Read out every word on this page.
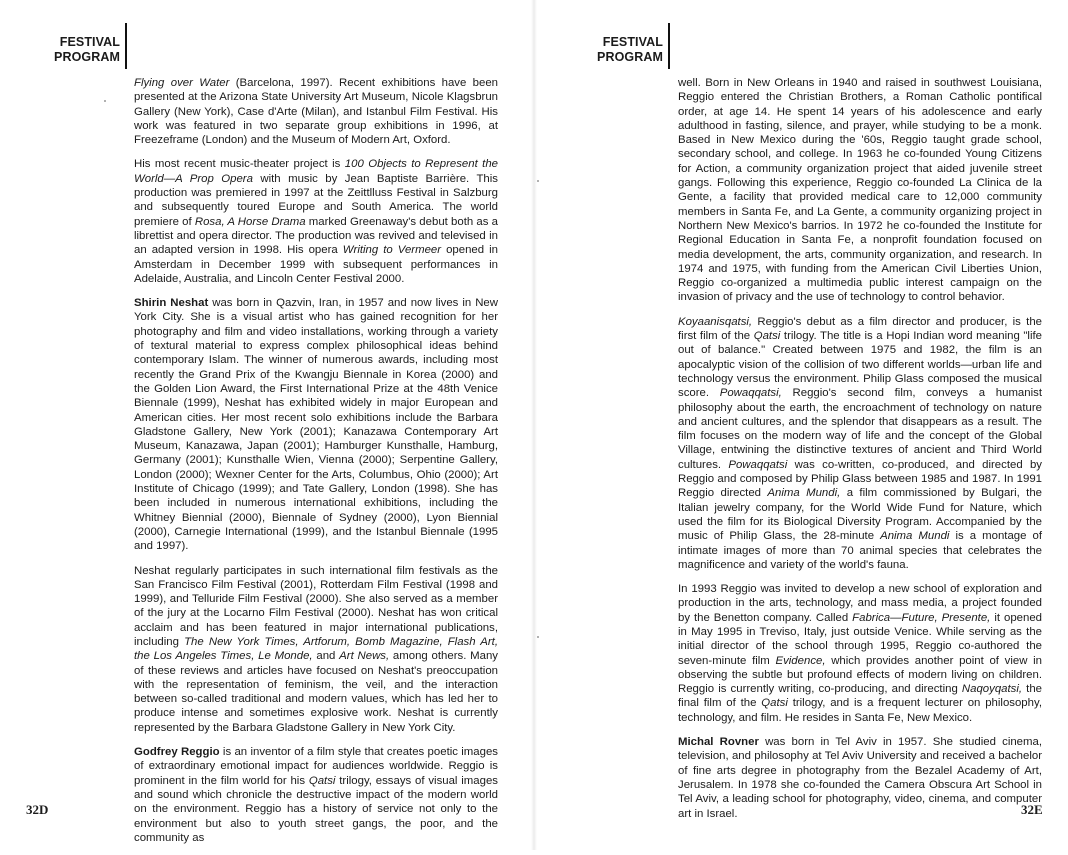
FESTIVAL
PROGRAM

Flying over Water (Barcelona, 1997). Recent exhibitions have been presented at the Arizona State University Art Museum, Nicole Klagsbrun Gallery (New York), Case d'Arte (Milan), and Istanbul Film Festival. His work was featured in two separate group exhibitions in 1996, at Freezeframe (London) and the Museum of Modern Art, Oxford.

His most recent music-theater project is 100 Objects to Represent the World—A Prop Opera with music by Jean Baptiste Barrière. This production was premiered in 1997 at the Zeittlluss Festival in Salzburg and subsequently toured Europe and South America. The world premiere of Rosa, A Horse Drama marked Greenaway's debut both as a librettist and opera director. The production was revived and televised in an adapted version in 1998. His opera Writing to Vermeer opened in Amsterdam in December 1999 with subsequent performances in Adelaide, Australia, and Lincoln Center Festival 2000.

Shirin Neshat was born in Qazvin, Iran, in 1957 and now lives in New York City. She is a visual artist who has gained recognition for her photography and film and video installations, working through a variety of textural material to express complex philosophical ideas behind contemporary Islam. The winner of numerous awards, including most recently the Grand Prix of the Kwangju Biennale in Korea (2000) and the Golden Lion Award, the First International Prize at the 48th Venice Biennale (1999), Neshat has exhibited widely in major European and American cities. Her most recent solo exhibitions include the Barbara Gladstone Gallery, New York (2001); Kanazawa Contemporary Art Museum, Kanazawa, Japan (2001); Hamburger Kunsthalle, Hamburg, Germany (2001); Kunsthalle Wien, Vienna (2000); Serpentine Gallery, London (2000); Wexner Center for the Arts, Columbus, Ohio (2000); Art Institute of Chicago (1999); and Tate Gallery, London (1998). She has been included in numerous international exhibitions, including the Whitney Biennial (2000), Biennale of Sydney (2000), Lyon Biennial (2000), Carnegie International (1999), and the Istanbul Biennale (1995 and 1997).

Neshat regularly participates in such international film festivals as the San Francisco Film Festival (2001), Rotterdam Film Festival (1998 and 1999), and Telluride Film Festival (2000). She also served as a member of the jury at the Locarno Film Festival (2000). Neshat has won critical acclaim and has been featured in major international publications, including The New York Times, Artforum, Bomb Magazine, Flash Art, the Los Angeles Times, Le Monde, and Art News, among others. Many of these reviews and articles have focused on Neshat's preoccupation with the representation of feminism, the veil, and the interaction between so-called traditional and modern values, which has led her to produce intense and sometimes explosive work. Neshat is currently represented by the Barbara Gladstone Gallery in New York City.

Godfrey Reggio is an inventor of a film style that creates poetic images of extraordinary emotional impact for audiences worldwide. Reggio is prominent in the film world for his Qatsi trilogy, essays of visual images and sound which chronicle the destructive impact of the modern world on the environment. Reggio has a history of service not only to the environment but also to youth street gangs, the poor, and the community as

32D
FESTIVAL
PROGRAM

well. Born in New Orleans in 1940 and raised in southwest Louisiana, Reggio entered the Christian Brothers, a Roman Catholic pontifical order, at age 14. He spent 14 years of his adolescence and early adulthood in fasting, silence, and prayer, while studying to be a monk. Based in New Mexico during the '60s, Reggio taught grade school, secondary school, and college. In 1963 he co-founded Young Citizens for Action, a community organization project that aided juvenile street gangs. Following this experience, Reggio co-founded La Clinica de la Gente, a facility that provided medical care to 12,000 community members in Santa Fe, and La Gente, a community organizing project in Northern New Mexico's barrios. In 1972 he co-founded the Institute for Regional Education in Santa Fe, a nonprofit foundation focused on media development, the arts, community organization, and research. In 1974 and 1975, with funding from the American Civil Liberties Union, Reggio co-organized a multimedia public interest campaign on the invasion of privacy and the use of technology to control behavior.

Koyaanisqatsi, Reggio's debut as a film director and producer, is the first film of the Qatsi trilogy. The title is a Hopi Indian word meaning "life out of balance." Created between 1975 and 1982, the film is an apocalyptic vision of the collision of two different worlds—urban life and technology versus the environment. Philip Glass composed the musical score. Powaqqatsi, Reggio's second film, conveys a humanist philosophy about the earth, the encroachment of technology on nature and ancient cultures, and the splendor that disappears as a result. The film focuses on the modern way of life and the concept of the Global Village, entwining the distinctive textures of ancient and Third World cultures. Powaqqatsi was co-written, co-produced, and directed by Reggio and composed by Philip Glass between 1985 and 1987. In 1991 Reggio directed Anima Mundi, a film commissioned by Bulgari, the Italian jewelry company, for the World Wide Fund for Nature, which used the film for its Biological Diversity Program. Accompanied by the music of Philip Glass, the 28-minute Anima Mundi is a montage of intimate images of more than 70 animal species that celebrates the magnificence and variety of the world's fauna.

In 1993 Reggio was invited to develop a new school of exploration and production in the arts, technology, and mass media, a project founded by the Benetton company. Called Fabrica—Future, Presente, it opened in May 1995 in Treviso, Italy, just outside Venice. While serving as the initial director of the school through 1995, Reggio co-authored the seven-minute film Evidence, which provides another point of view in observing the subtle but profound effects of modern living on children. Reggio is currently writing, co-producing, and directing Naqoyqatsi, the final film of the Qatsi trilogy, and is a frequent lecturer on philosophy, technology, and film. He resides in Santa Fe, New Mexico.

Michal Rovner was born in Tel Aviv in 1957. She studied cinema, television, and philosophy at Tel Aviv University and received a bachelor of fine arts degree in photography from the Bezalel Academy of Art, Jerusalem. In 1978 she co-founded the Camera Obscura Art School in Tel Aviv, a leading school for photography, video, cinema, and computer art in Israel.	32E
